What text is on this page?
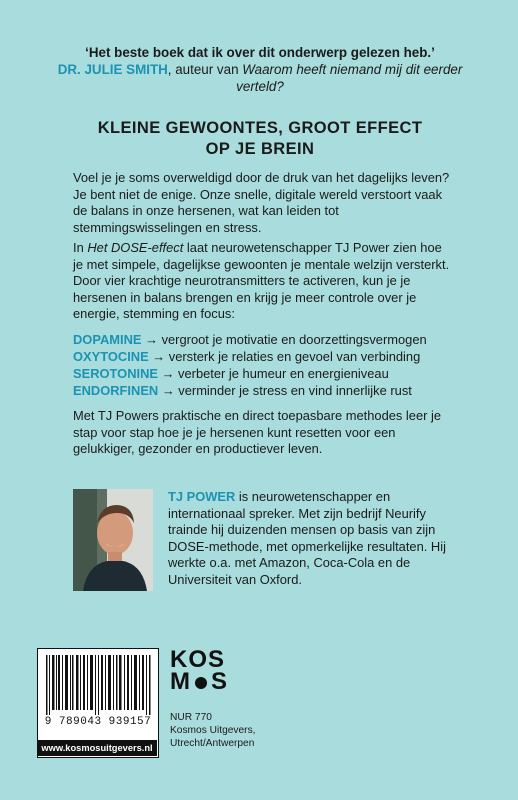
‘Het beste boek dat ik over dit onderwerp gelezen heb.’
DR. JULIE SMITH, auteur van Waarom heeft niemand mij dit eerder verteld?
KLEINE GEWOONTES, GROOT EFFECT
OP JE BREIN
Voel je je soms overweldigd door de druk van het dagelijks leven? Je bent niet de enige. Onze snelle, digitale wereld verstoort vaak de balans in onze hersenen, wat kan leiden tot stemmingswisselingen en stress.
In Het DOSE-effect laat neurowetenschapper TJ Power zien hoe je met simpele, dagelijkse gewoonten je mentale welzijn versterkt. Door vier krachtige neurotransmitters te activeren, kun je je hersenen in balans brengen en krijg je meer controle over je energie, stemming en focus:
DOPAMINE → vergroot je motivatie en doorzettingsvermogen
OXYTOCINE → versterk je relaties en gevoel van verbinding
SEROTONINE → verbeter je humeur en energieniveau
ENDORFINEN → verminder je stress en vind innerlijke rust
Met TJ Powers praktische en direct toepasbare methodes leer je stap voor stap hoe je je hersenen kunt resetten voor een gelukkiger, gezonder en productiever leven.
TJ POWER is neurowetenschapper en internationaal spreker. Met zijn bedrijf Neurify trainde hij duizenden mensen op basis van zijn DOSE-methode, met opmerkelijke resultaten. Hij werkte o.a. met Amazon, Coca-Cola en de Universiteit van Oxford.
KOS
M S
9 789043 939157
www.kosmosuitgevers.nl
NUR 770
Kosmos Uitgevers,
Utrecht/Antwerpen
